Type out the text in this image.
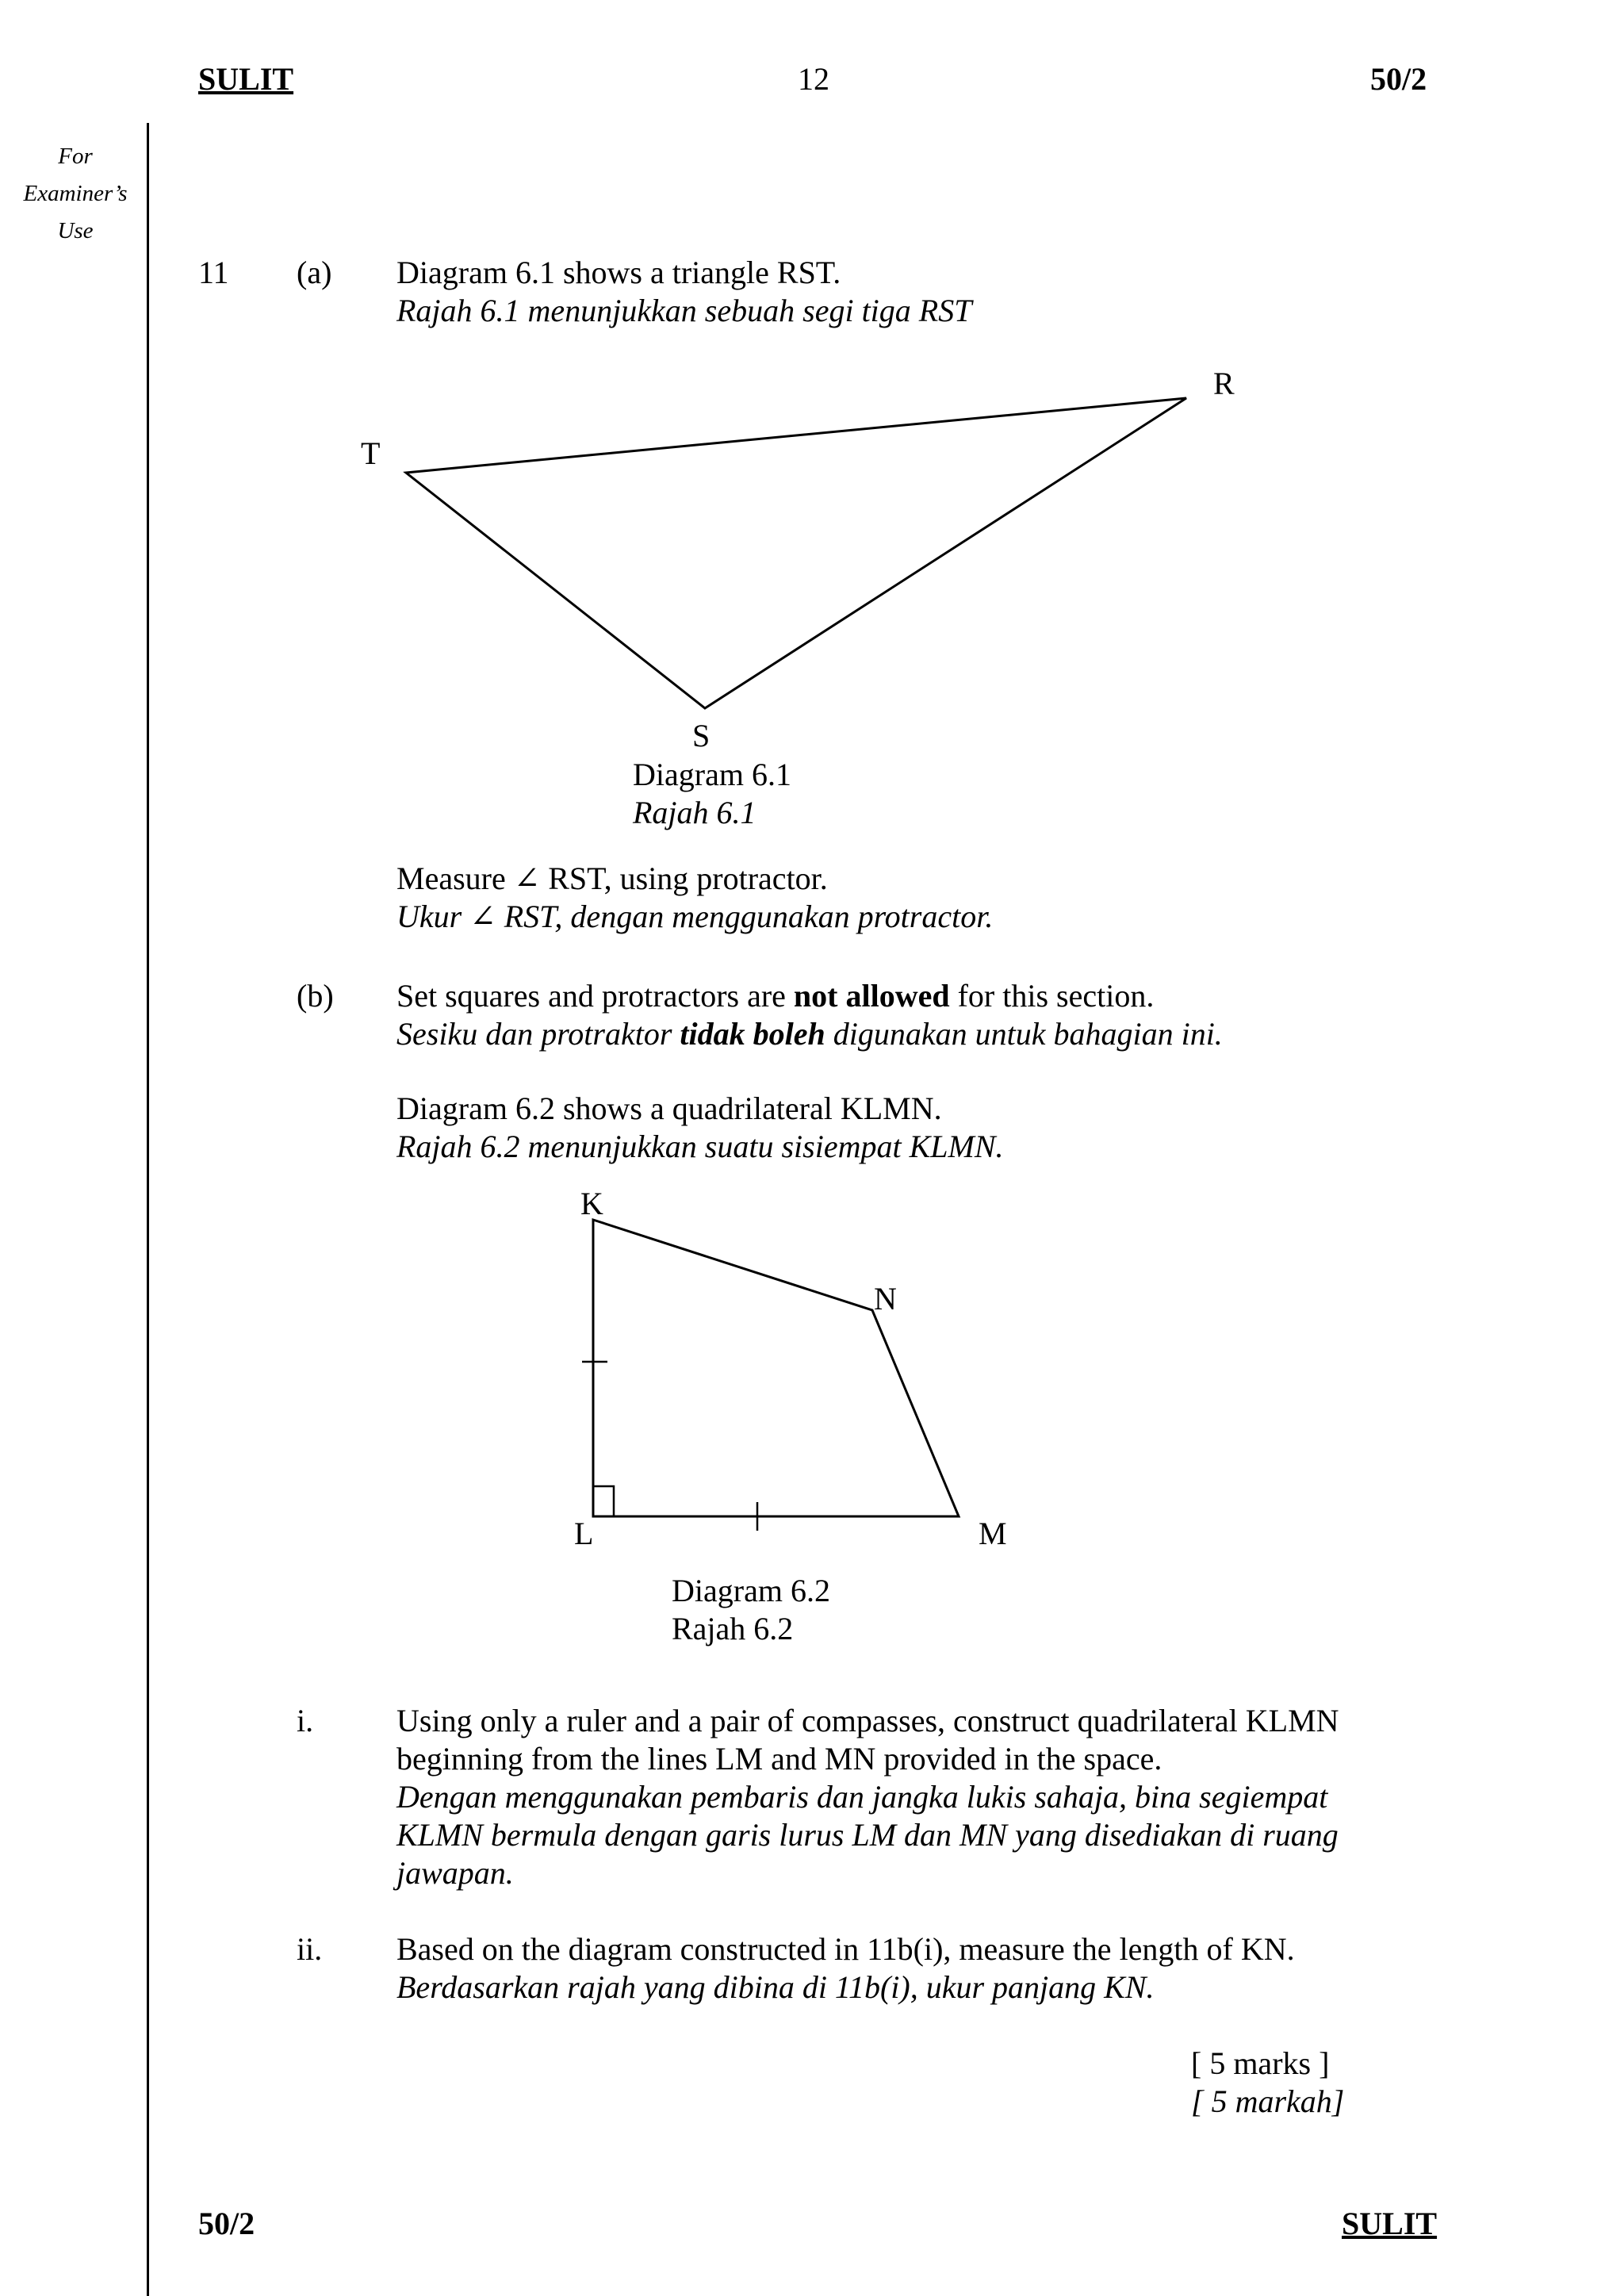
SULIT	12	50/2
For
Examiner’s
Use
11 (a) Diagram 6.1 shows a triangle RST.
Rajah 6.1 menunjukkan sebuah segi tiga RST
R
T
S
Diagram 6.1
Rajah 6.1
Measure ∠ RST, using protractor.
Ukur ∠ RST, dengan menggunakan protractor.
(b) Set squares and protractors are not allowed for this section.
Sesiku dan protraktor tidak boleh digunakan untuk bahagian ini.
Diagram 6.2 shows a quadrilateral KLMN.
Rajah 6.2 menunjukkan suatu sisiempat KLMN.
K
N
L	M
Diagram 6.2
Rajah 6.2
i.	Using only a ruler and a pair of compasses, construct quadrilateral KLMN
beginning from the lines LM and MN provided in the space.
Dengan menggunakan pembaris dan jangka lukis sahaja, bina segiempat
KLMN bermula dengan garis lurus LM dan MN yang disediakan di ruang
jawapan.
ii. Based on the diagram constructed in 11b(i), measure the length of KN.
Berdasarkan rajah yang dibina di 11b(i), ukur panjang KN.
[ 5 marks ]
[ 5 markah]
50/2	SULIT
